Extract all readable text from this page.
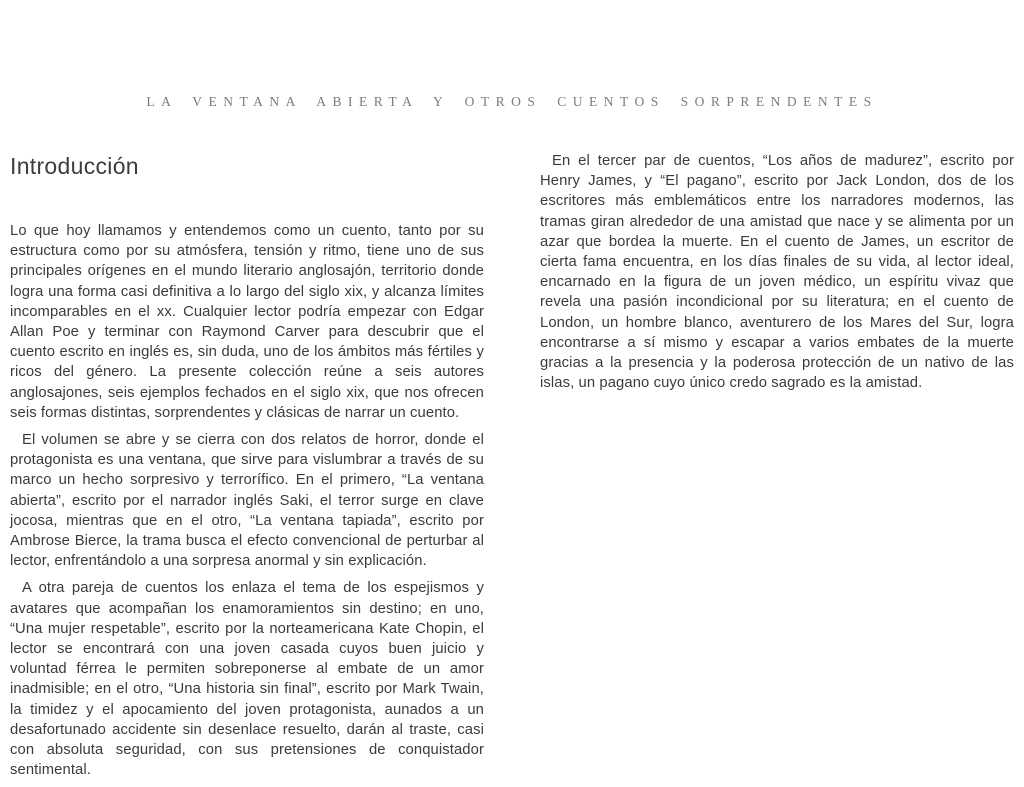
LA VENTANA ABIERTA Y OTROS CUENTOS SORPRENDENTES
Introducción

Lo que hoy llamamos y entendemos como un cuento, tanto por su estructura como por su atmósfera, tensión y ritmo, tiene uno de sus principales orígenes en el mundo literario anglosajón, territorio donde logra una forma casi definitiva a lo largo del siglo xix, y alcanza límites incomparables en el xx. Cualquier lector podría empezar con Edgar Allan Poe y terminar con Raymond Carver para descubrir que el cuento escrito en inglés es, sin duda, uno de los ámbitos más fértiles y ricos del género. La presente colección reúne a seis autores anglosajones, seis ejemplos fechados en el siglo xix, que nos ofrecen seis formas distintas, sorprendentes y clásicas de narrar un cuento.

El volumen se abre y se cierra con dos relatos de horror, donde el protagonista es una ventana, que sirve para vislumbrar a través de su marco un hecho sorpresivo y terrorífico. En el primero, “La ventana abierta”, escrito por el narrador inglés Saki, el terror surge en clave jocosa, mientras que en el otro, “La ventana tapiada”, escrito por Ambrose Bierce, la trama busca el efecto convencional de perturbar al lector, enfrentándolo a una sorpresa anormal y sin explicación.

A otra pareja de cuentos los enlaza el tema de los espejismos y avatares que acompañan los enamoramientos sin destino; en uno, “Una mujer respetable”, escrito por la norteamericana Kate Chopin, el lector se encontrará con una joven casada cuyos buen juicio y voluntad férrea le permiten sobreponerse al embate de un amor inadmisible; en el otro, “Una historia sin final”, escrito por Mark Twain, la timidez y el apocamiento del joven protagonista, aunados a un desafortunado accidente sin desenlace resuelto, darán al traste, casi con absoluta seguridad, con sus pretensiones de conquistador sentimental.

En el tercer par de cuentos, “Los años de madurez”, escrito por Henry James, y “El pagano”, escrito por Jack London, dos de los escritores más emblemáticos entre los narradores modernos, las tramas giran alrededor de una amistad que nace y se alimenta por un azar que bordea la muerte. En el cuento de James, un escritor de cierta fama encuentra, en los días finales de su vida, al lector ideal, encarnado en la figura de un joven médico, un espíritu vivaz que revela una pasión incondicional por su literatura; en el cuento de London, un hombre blanco, aventurero de los Mares del Sur, logra encontrarse a sí mismo y escapar a varios embates de la muerte gracias a la presencia y la poderosa protección de un nativo de las islas, un pagano cuyo único credo sagrado es la amistad.
